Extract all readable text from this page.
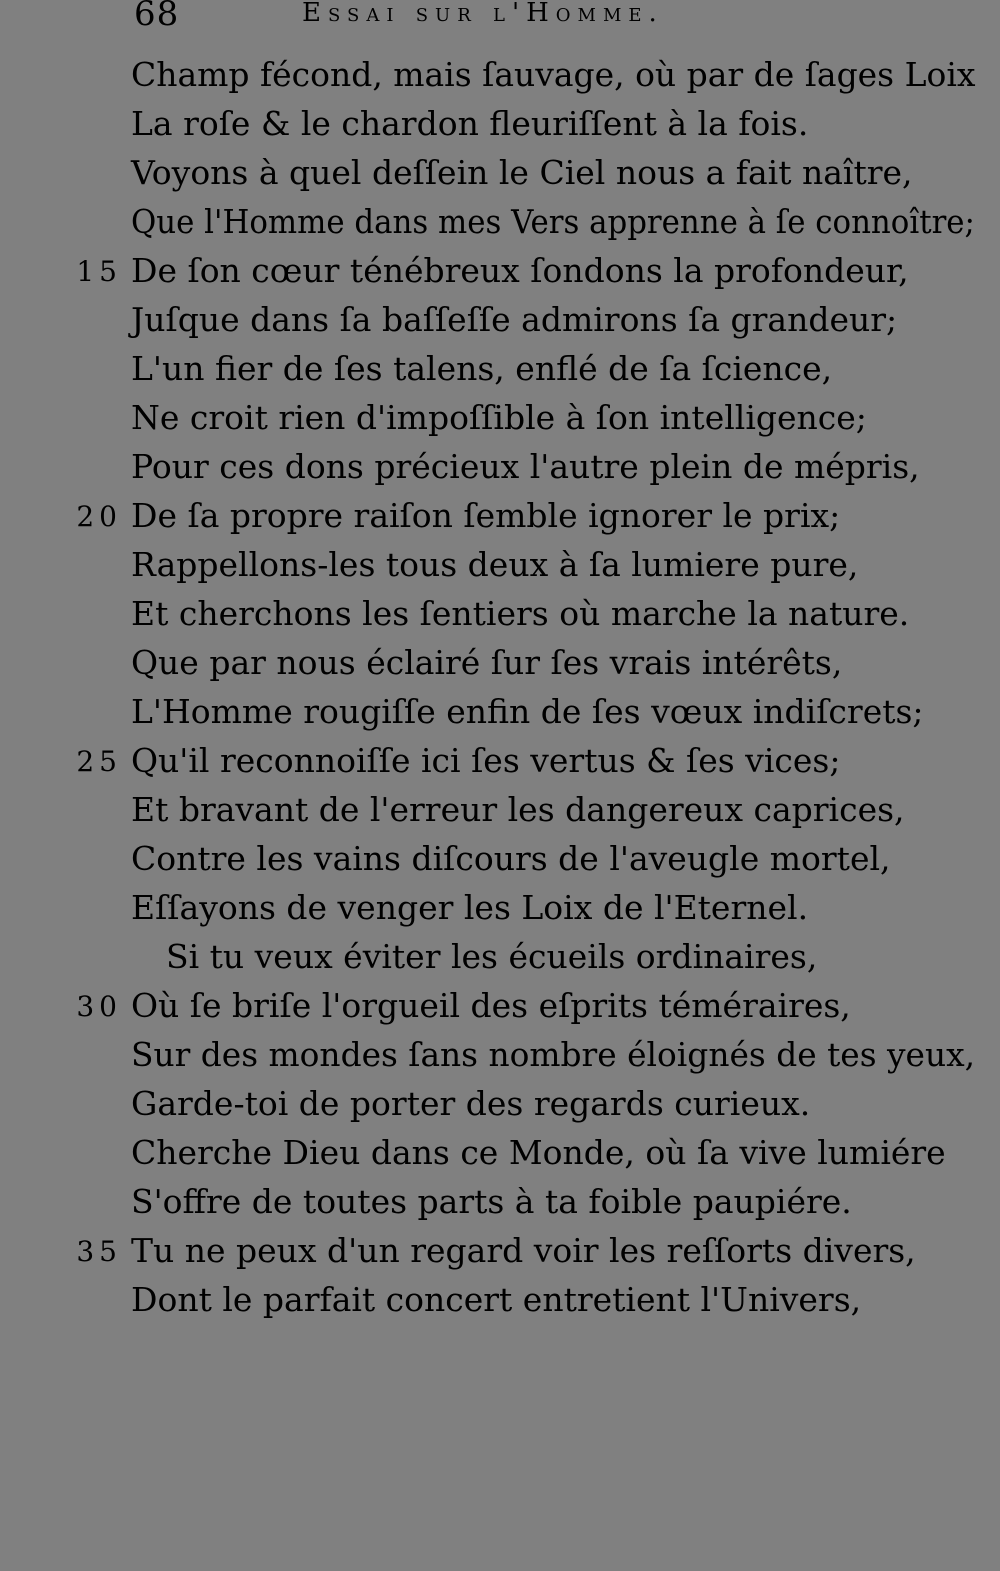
68	Essai sur l'Homme.
Champ fécond, mais ſauvage, où par de ſages Loix
La roſe & le chardon fleuriſſent à la fois.
Voyons à quel deſſein le Ciel nous a fait naître,
Que l'Homme dans mes Vers apprenne à ſe connoître;
15 De ſon cœur ténébreux ſondons la profondeur,
Juſque dans ſa baſſeſſe admirons ſa grandeur;
L'un fier de ſes talens, enflé de ſa ſcience,
Ne croit rien d'impoſſible à ſon intelligence;
Pour ces dons précieux l'autre plein de mépris,
20 De ſa propre raiſon ſemble ignorer le prix;
Rappellons-les tous deux à ſa lumiere pure,
Et cherchons les ſentiers où marche la nature.
Que par nous éclairé ſur ſes vrais intérêts,
L'Homme rougiſſe enfin de ſes vœux indiſcrets;
25 Qu'il reconnoiſſe ici ſes vertus & ſes vices;
Et bravant de l'erreur les dangereux caprices,
Contre les vains diſcours de l'aveugle mortel,
Eſſayons de venger les Loix de l'Eternel.
Si tu veux éviter les écueils ordinaires,
30 Où ſe briſe l'orgueil des eſprits téméraires,
Sur des mondes ſans nombre éloignés de tes yeux,
Garde-toi de porter des regards curieux.
Cherche Dieu dans ce Monde, où ſa vive lumiére
S'offre de toutes parts à ta foible paupiére.
35 Tu ne peux d'un regard voir les reſſorts divers,
Dont le parfait concert entretient l'Univers,
